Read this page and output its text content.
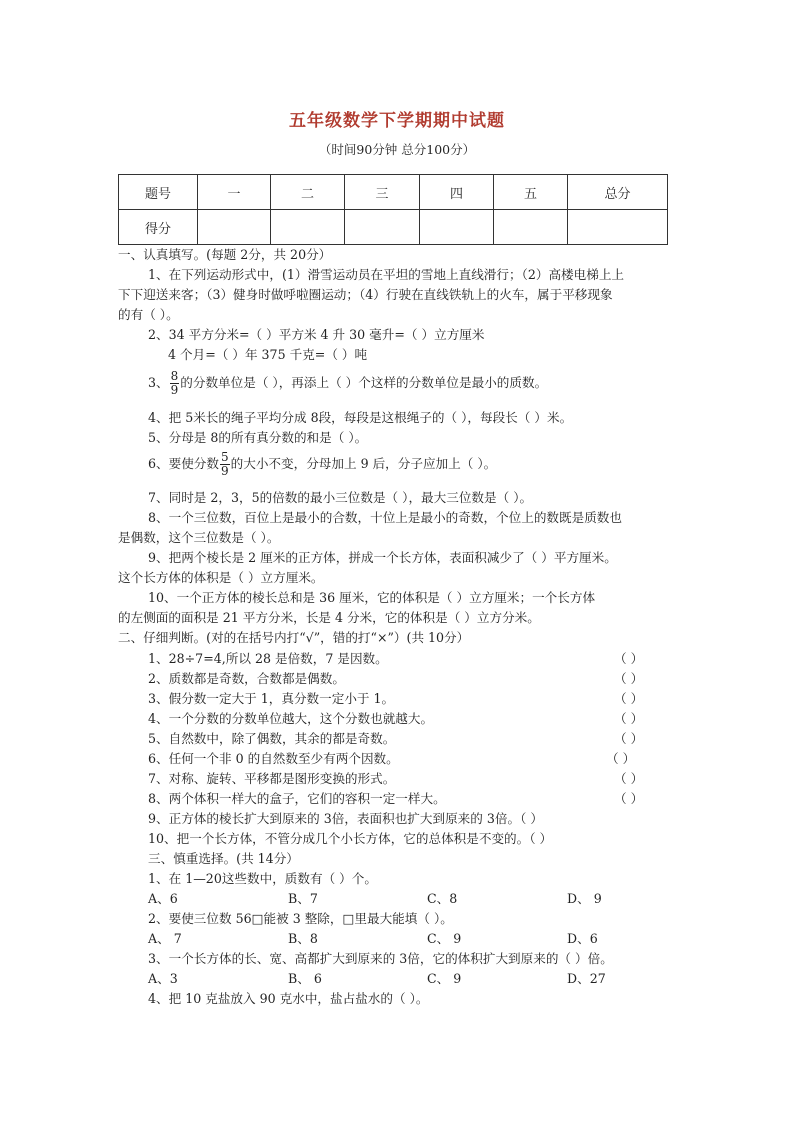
五年级数学下学期期中试题
（时间90分钟 总分100分）
题号	一	二	三	四	五	总分
得分						
一、认真填写。(每题 2分，共 20分）
1、在下列运动形式中，(1）滑雪运动员在平坦的雪地上直线滑行；（2）高楼电梯上上
下下迎送来客；（3）健身时做呼啦圈运动；（4）行驶在直线铁轨上的火车，属于平移现象
的有（ ）。
2、34 平方分米=（ ）平方米 4 升 30 毫升=（ ）立方厘米
4 个月=（ ）年 375 千克=（ ）吨
3、 $\frac{8}{9}$ 的分数单位是（ ），再添上（ ）个这样的分数单位是最小的质数。
4、把 5米长的绳子平均分成 8段，每段是这根绳子的（ ），每段长（ ）米。
5、分母是 8的所有真分数的和是（ ）。
6、要使分数 $\frac{5}{9}$ 的大小不变，分母加上 9 后，分子应加上（ ）。
7、同时是 2，3，5的倍数的最小三位数是（ ），最大三位数是（ ）。
8、一个三位数，百位上是最小的合数，十位上是最小的奇数，个位上的数既是质数也
是偶数，这个三位数是（ ）。
9、把两个棱长是 2 厘米的正方体，拼成一个长方体，表面积减少了（ ）平方厘米。
这个长方体的体积是（ ）立方厘米。
10、一个正方体的棱长总和是 36 厘米，它的体积是（ ）立方厘米；一个长方体
的左侧面的面积是 21 平方分米，长是 4 分米，它的体积是（ ）立方分米。
二、仔细判断。(对的在括号内打“√”，错的打“×”）(共 10分）
1、28÷7=4,所以 28 是倍数，7 是因数。	（ ）
2、质数都是奇数，合数都是偶数。	（ ）
3、假分数一定大于 1，真分数一定小于 1。	（ ）
4、一个分数的分数单位越大，这个分数也就越大。	（ ）
5、自然数中，除了偶数，其余的都是奇数。	（ ）
6、任何一个非 0 的自然数至少有两个因数。	（ ）
7、对称、旋转、平移都是图形变换的形式。	（ ）
8、两个体积一样大的盒子，它们的容积一定一样大。	（ ）
9、正方体的棱长扩大到原来的 3倍，表面积也扩大到原来的 3倍。（ ）
10、把一个长方体，不管分成几个小长方体，它的总体积是不变的。（ ）
三、慎重选择。(共 14分）
1、在 1—20这些数中，质数有（ ）个。
A、6	B、7	C、8	D、 9
2、要使三位数 56□能被 3 整除，□里最大能填（ ）。
A、 7	B、8	C、 9	D、6
3、一个长方体的长、宽、高都扩大到原来的 3倍，它的体积扩大到原来的（ ）倍。
A、3	B、 6	C、 9	D、27
4、把 10 克盐放入 90 克水中，盐占盐水的（ ）。
